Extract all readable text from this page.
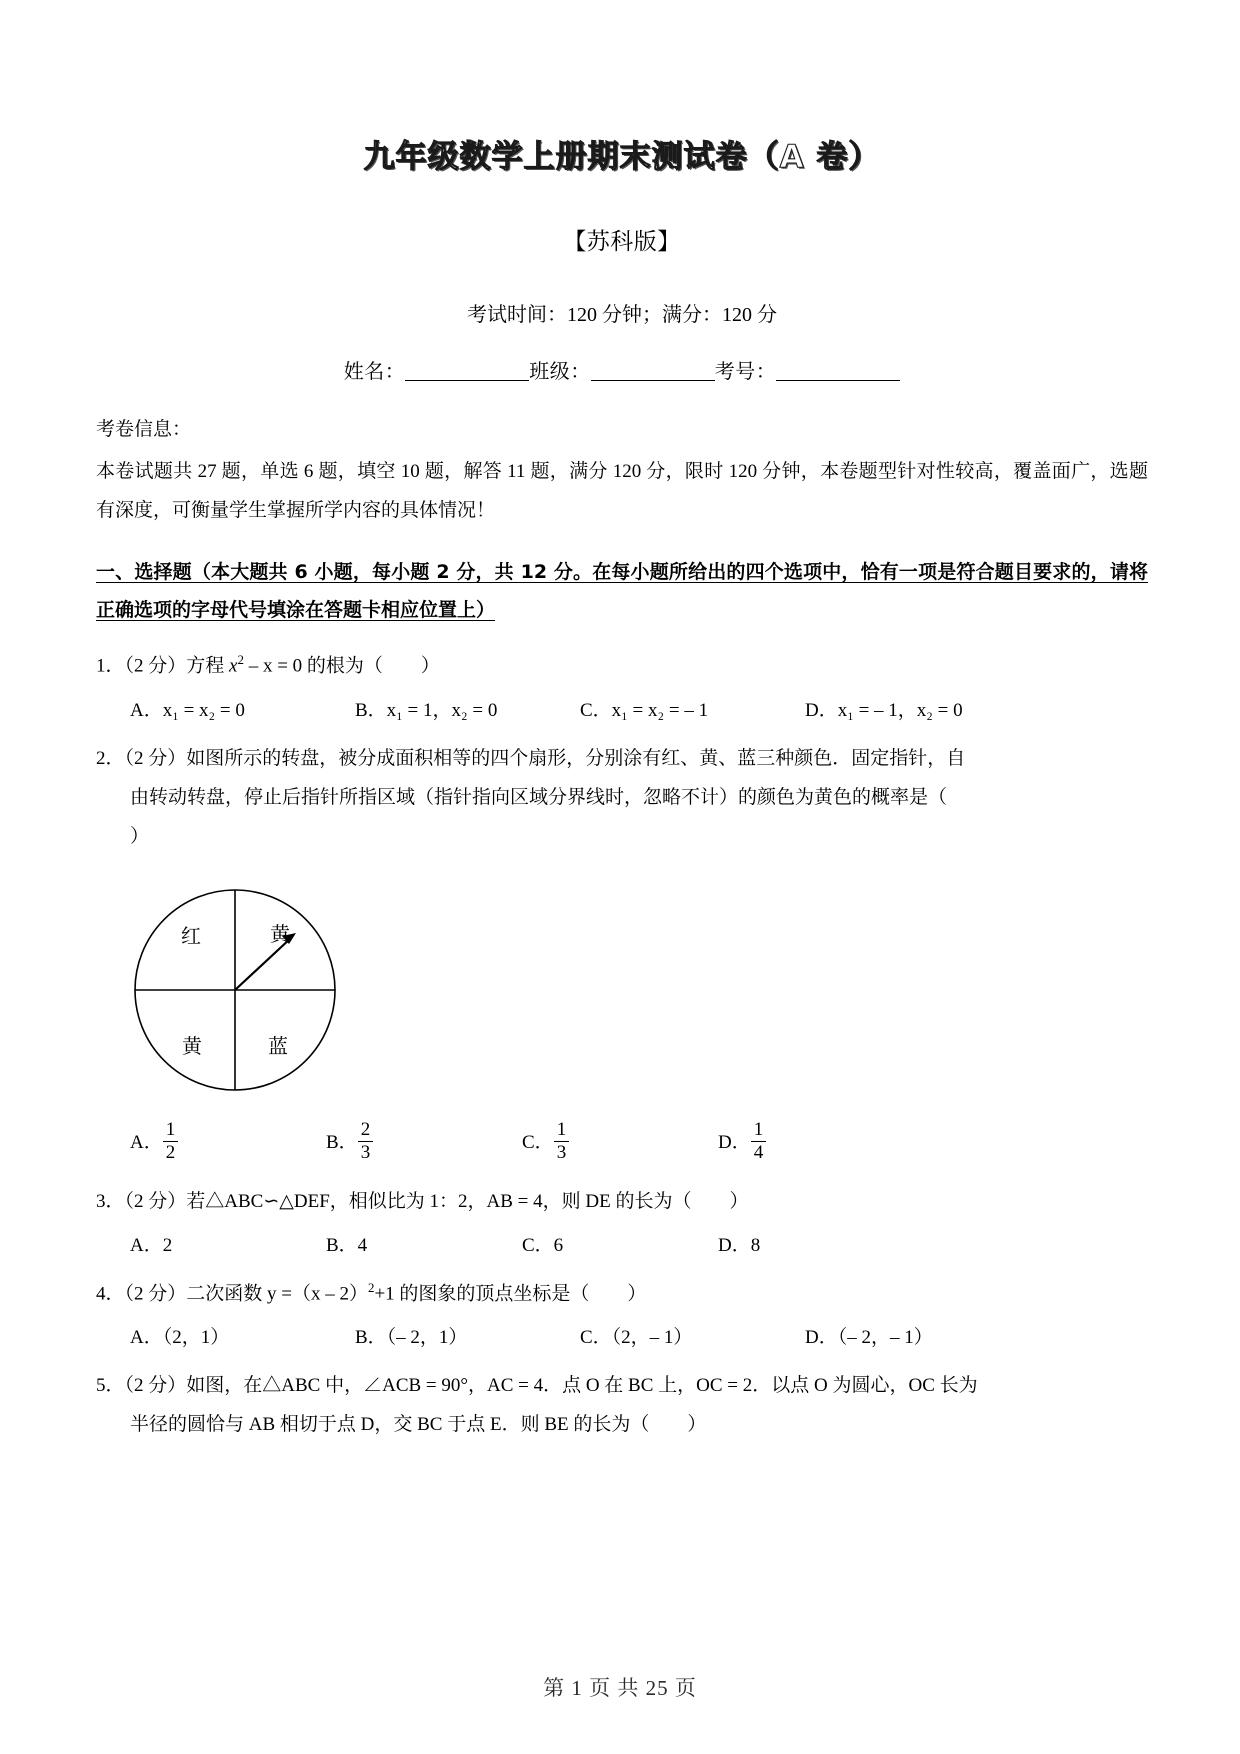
九年级数学上册期末测试卷（A 卷）
【苏科版】
考试时间：120 分钟；满分：120 分
姓名：	班级：	考号：
考卷信息：
本卷试题共 27 题，单选 6 题，填空 10 题，解答 11 题，满分 120 分，限时 120 分钟，本卷题型针对性较高，覆盖面广，选题有深度，可衡量学生掌握所学内容的具体情况！
一、选择题（本大题共 6 小题，每小题 2 分，共 12 分。在每小题所给出的四个选项中，恰有一项是符合题目要求的，请将正确选项的字母代号填涂在答题卡相应位置上）
1．（2 分）方程 $x^2 - x = 0$ 的根为（　　）
A．x₁ = x₂ = 0	B．x₁ = 1，x₂ = 0	C．x₁ = x₂ = – 1	D．x₁ = – 1，x₂ = 0
2．（2 分）如图所示的转盘，被分成面积相等的四个扇形，分别涂有红、黄、蓝三种颜色．固定指针，自
由转动转盘，停止后指针所指区域（指针指向区域分界线时，忽略不计）的颜色为黄色的概率是（
）
红	黄
黄	蓝
A． $\frac{1}{2}$	B． $\frac{2}{3}$	C． $\frac{1}{3}$	D． $\frac{1}{4}$
3．（2 分）若△ABC∽△DEF，相似比为 1：2，AB = 4，则 DE 的长为（　　）
A．2	B．4	C．6	D．8
4．（2 分）二次函数 y =（x – 2）$^2$+1 的图象的顶点坐标是（　　）
A．（2，1）	B．（– 2，1）	C．（2，– 1）	D．（– 2，– 1）
5．（2 分）如图，在△ABC 中，∠ACB = 90°，AC = 4．点 O 在 BC 上，OC = 2．以点 O 为圆心，OC 长为
半径的圆恰与 AB 相切于点 D，交 BC 于点 E．则 BE 的长为（　　）
第 1 页 共 25 页
